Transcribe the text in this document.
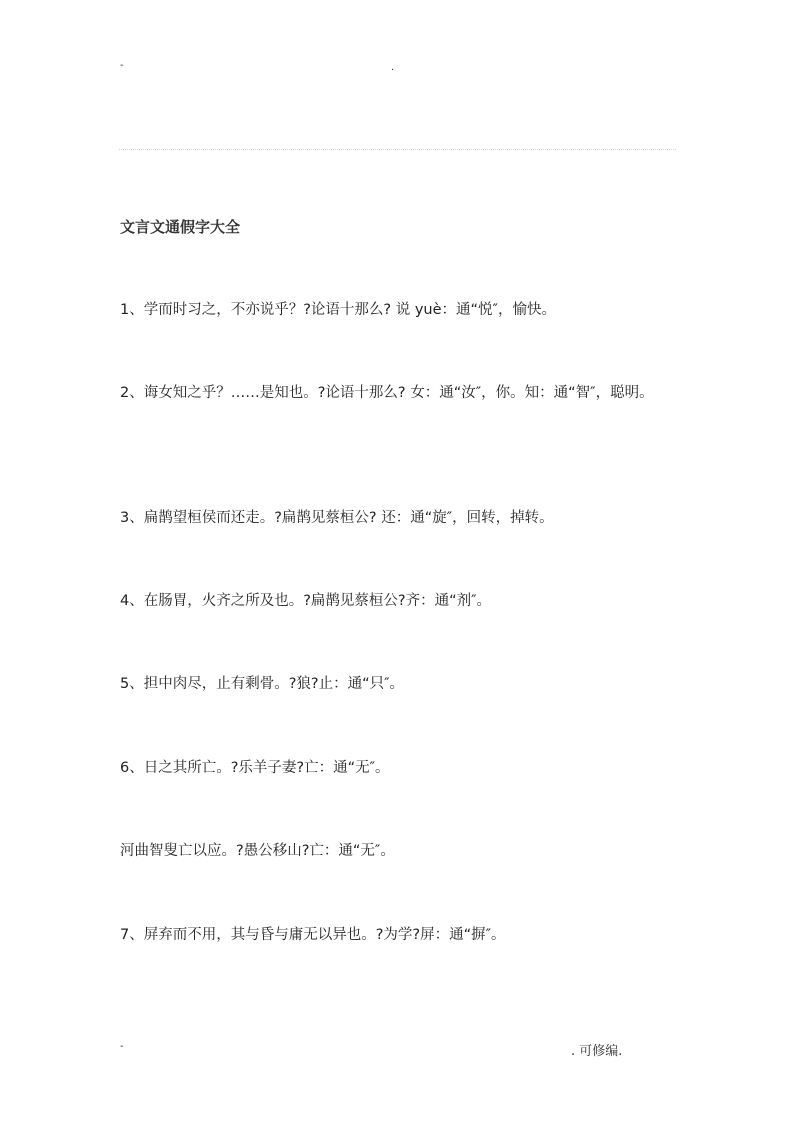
-	.
文言文通假字大全
1、学而时习之，不亦说乎？?论语十那么? 说 yuè：通“悦″，愉快。
2、诲女知之乎？……是知也。?论语十那么? 女：通“汝″，你。知：通“智″，聪明。
3、扁鹊望桓侯而还走。?扁鹊见蔡桓公? 还：通“旋″，回转，掉转。
4、在肠胃，火齐之所及也。?扁鹊见蔡桓公?齐：通“剂″。
5、担中肉尽，止有剩骨。?狼?止：通“只″。
6、日之其所亡。?乐羊子妻?亡：通“无″。
河曲智叟亡以应。?愚公移山?亡：通“无″。
7、屏弃而不用，其与昏与庸无以异也。?为学?屏：通“摒″。
-	. 可修编.
